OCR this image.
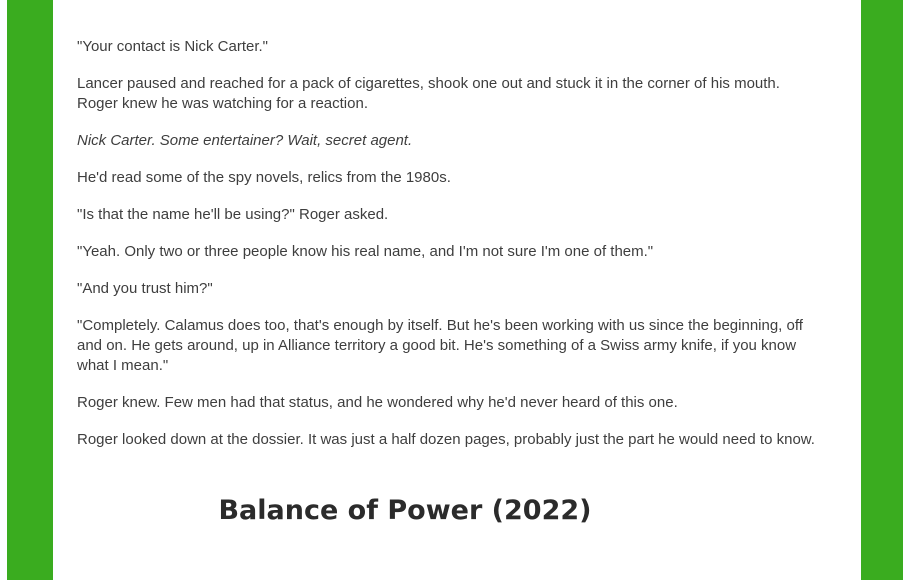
"Your contact is Nick Carter."

Lancer paused and reached for a pack of cigarettes, shook one out and stuck it in the corner of his mouth. Roger knew he was watching for a reaction.

Nick Carter. Some entertainer? Wait, secret agent.

He'd read some of the spy novels, relics from the 1980s.

"Is that the name he'll be using?" Roger asked.

"Yeah. Only two or three people know his real name, and I'm not sure I'm one of them."

"And you trust him?"

"Completely. Calamus does too, that's enough by itself. But he's been working with us since the beginning, off and on. He gets around, up in Alliance territory a good bit. He's something of a Swiss army knife, if you know what I mean."

Roger knew. Few men had that status, and he wondered why he'd never heard of this one.

Roger looked down at the dossier. It was just a half dozen pages, probably just the part he would need to know.

Balance of Power (2022)
